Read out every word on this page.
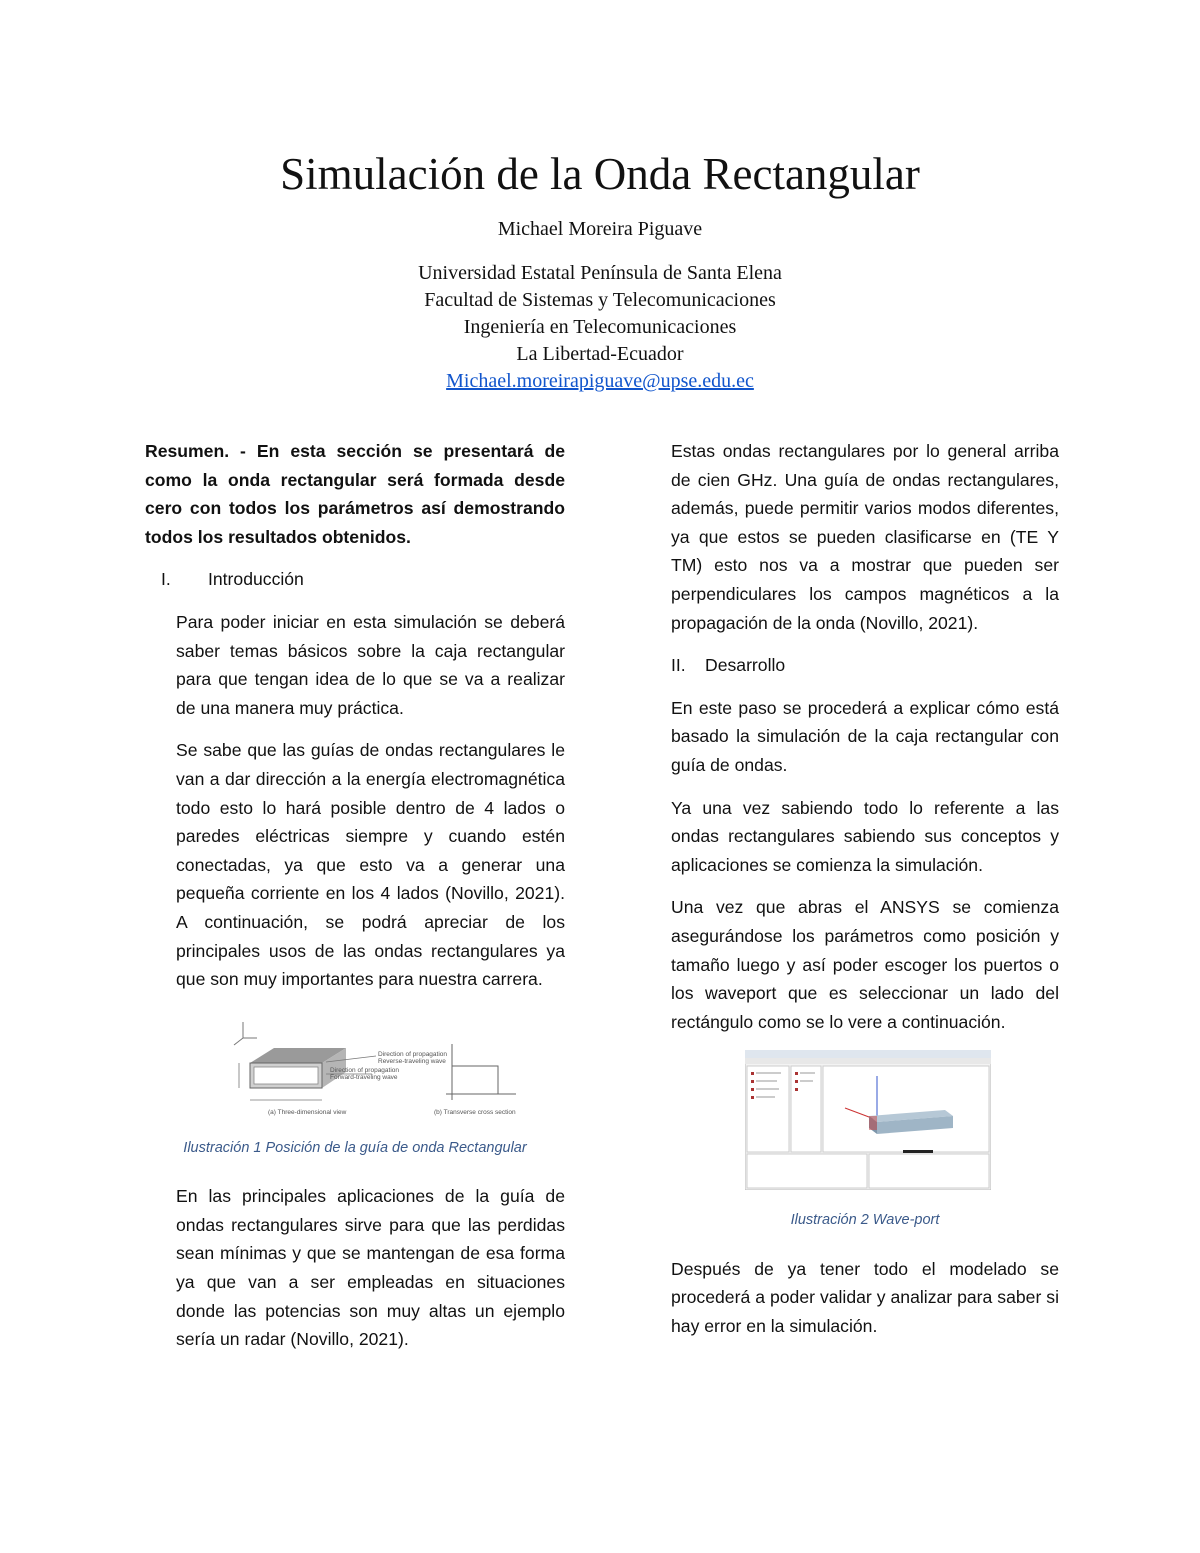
Simulación de la Onda Rectangular
Michael Moreira Piguave
Universidad Estatal Península de Santa Elena
Facultad de Sistemas y Telecomunicaciones
Ingeniería en Telecomunicaciones
La Libertad-Ecuador
Michael.moreirapiguave@upse.edu.ec

Resumen. - En esta sección se presentará de como la onda rectangular será formada desde cero con todos los parámetros así demostrando todos los resultados obtenidos.

I.	Introducción

Para poder iniciar en esta simulación se deberá saber temas básicos sobre la caja rectangular para que tengan idea de lo que se va a realizar de una manera muy práctica.

Se sabe que las guías de ondas rectangulares le van a dar dirección a la energía electromagnética todo esto lo hará posible dentro de 4 lados o paredes eléctricas siempre y cuando estén conectadas, ya que esto va a generar una pequeña corriente en los 4 lados (Novillo, 2021). A continuación, se podrá apreciar de los principales usos de las ondas rectangulares ya que son muy importantes para nuestra carrera.

Direction of propagation
Reverse-traveling wave
Direction of propagation
Forward-traveling wave
(a) Three-dimensional view	(b) Transverse cross section
Ilustración 1 Posición de la guía de onda Rectangular

En las principales aplicaciones de la guía de ondas rectangulares sirve para que las perdidas sean mínimas y que se mantengan de esa forma ya que van a ser empleadas en situaciones donde las potencias son muy altas un ejemplo sería un radar (Novillo, 2021).

Estas ondas rectangulares por lo general arriba de cien GHz. Una guía de ondas rectangulares, además, puede permitir varios modos diferentes, ya que estos se pueden clasificarse en (TE Y TM) esto nos va a mostrar que pueden ser perpendiculares los campos magnéticos a la propagación de la onda (Novillo, 2021).

II.	Desarrollo

En este paso se procederá a explicar cómo está basado la simulación de la caja rectangular con guía de ondas.

Ya una vez sabiendo todo lo referente a las ondas rectangulares sabiendo sus conceptos y aplicaciones se comienza la simulación.

Una vez que abras el ANSYS se comienza asegurándose los parámetros como posición y tamaño luego y así poder escoger los puertos o los waveport que es seleccionar un lado del rectángulo como se lo vere a continuación.

Ilustración 2 Wave-port

Después de ya tener todo el modelado se procederá a poder validar y analizar para saber si hay error en la simulación.
